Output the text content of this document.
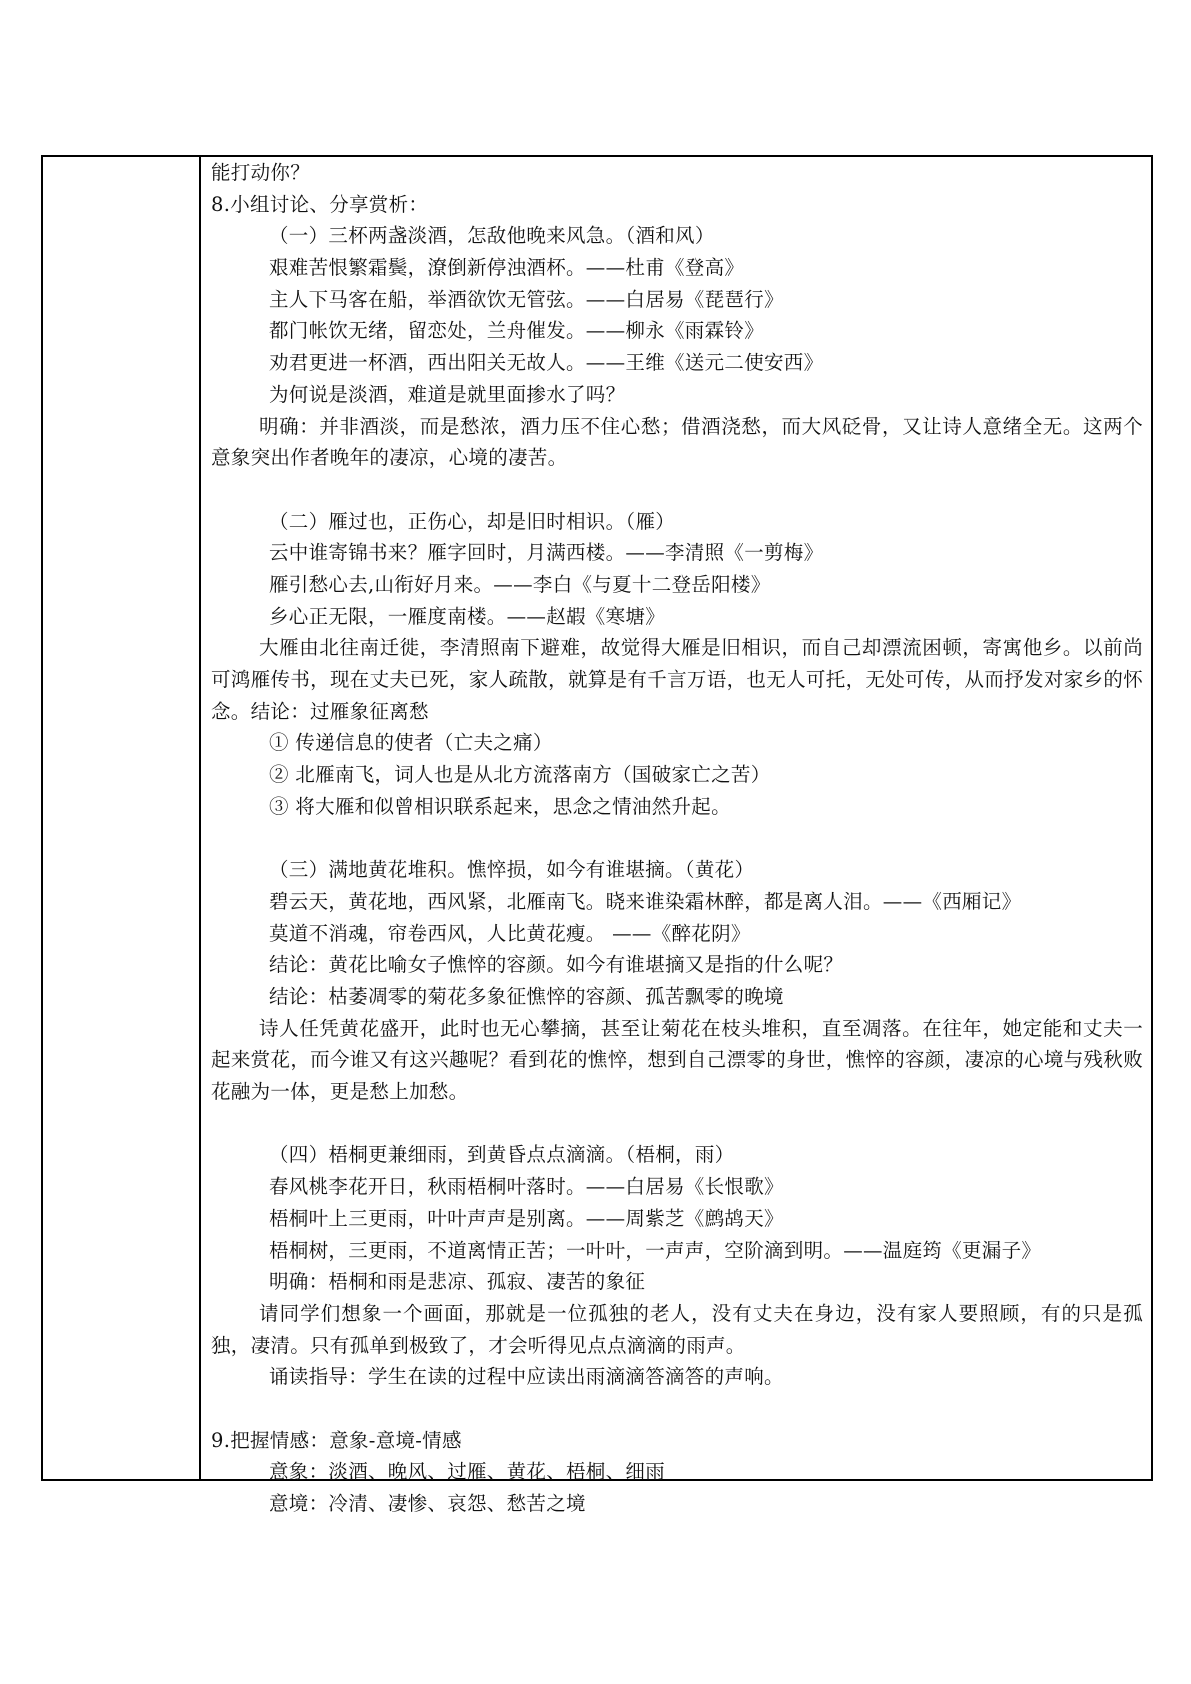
能打动你？
8.小组讨论、分享赏析：
（一）三杯两盏淡酒，怎敌他晚来风急。（酒和风）
艰难苦恨繁霜鬓，潦倒新停浊酒杯。——杜甫《登高》
主人下马客在船，举酒欲饮无管弦。——白居易《琵琶行》
都门帐饮无绪，留恋处，兰舟催发。——柳永《雨霖铃》
劝君更进一杯酒，西出阳关无故人。——王维《送元二使安西》
为何说是淡酒，难道是就里面掺水了吗？
明确：并非酒淡，而是愁浓，酒力压不住心愁；借酒浇愁，而大风砭骨，又让诗人意绪全无。这两个意象突出作者晚年的凄凉，心境的凄苦。
（二）雁过也，正伤心，却是旧时相识。（雁）
云中谁寄锦书来？雁字回时，月满西楼。——李清照《一剪梅》
雁引愁心去,山衔好月来。——李白《与夏十二登岳阳楼》
乡心正无限，一雁度南楼。——赵嘏《寒塘》
大雁由北往南迁徙，李清照南下避难，故觉得大雁是旧相识，而自己却漂流困顿，寄寓他乡。以前尚可鸿雁传书，现在丈夫已死，家人疏散，就算是有千言万语，也无人可托，无处可传，从而抒发对家乡的怀念。结论：过雁象征离愁
① 传递信息的使者（亡夫之痛）
② 北雁南飞，词人也是从北方流落南方（国破家亡之苦）
③ 将大雁和似曾相识联系起来，思念之情油然升起。
（三）满地黄花堆积。憔悴损，如今有谁堪摘。（黄花）
碧云天，黄花地，西风紧，北雁南飞。晓来谁染霜林醉，都是离人泪。——《西厢记》
莫道不消魂，帘卷西风，人比黄花瘦。 ——《醉花阴》
结论：黄花比喻女子憔悴的容颜。如今有谁堪摘又是指的什么呢？
结论：枯萎凋零的菊花多象征憔悴的容颜、孤苦飘零的晚境
诗人任凭黄花盛开，此时也无心攀摘，甚至让菊花在枝头堆积，直至凋落。在往年，她定能和丈夫一起来赏花，而今谁又有这兴趣呢？看到花的憔悴，想到自己漂零的身世，憔悴的容颜，凄凉的心境与残秋败花融为一体，更是愁上加愁。
（四）梧桐更兼细雨，到黄昏点点滴滴。（梧桐，雨）
春风桃李花开日，秋雨梧桐叶落时。——白居易《长恨歌》
梧桐叶上三更雨，叶叶声声是别离。——周紫芝《鹧鸪天》
梧桐树，三更雨，不道离情正苦；一叶叶，一声声，空阶滴到明。——温庭筠《更漏子》
明确：梧桐和雨是悲凉、孤寂、凄苦的象征
请同学们想象一个画面，那就是一位孤独的老人，没有丈夫在身边，没有家人要照顾，有的只是孤独，凄清。只有孤单到极致了，才会听得见点点滴滴的雨声。
诵读指导：学生在读的过程中应读出雨滴滴答滴答的声响。
9.把握情感：意象-意境-情感
意象：淡酒、晚风、过雁、黄花、梧桐、细雨
意境：冷清、凄惨、哀怨、愁苦之境
